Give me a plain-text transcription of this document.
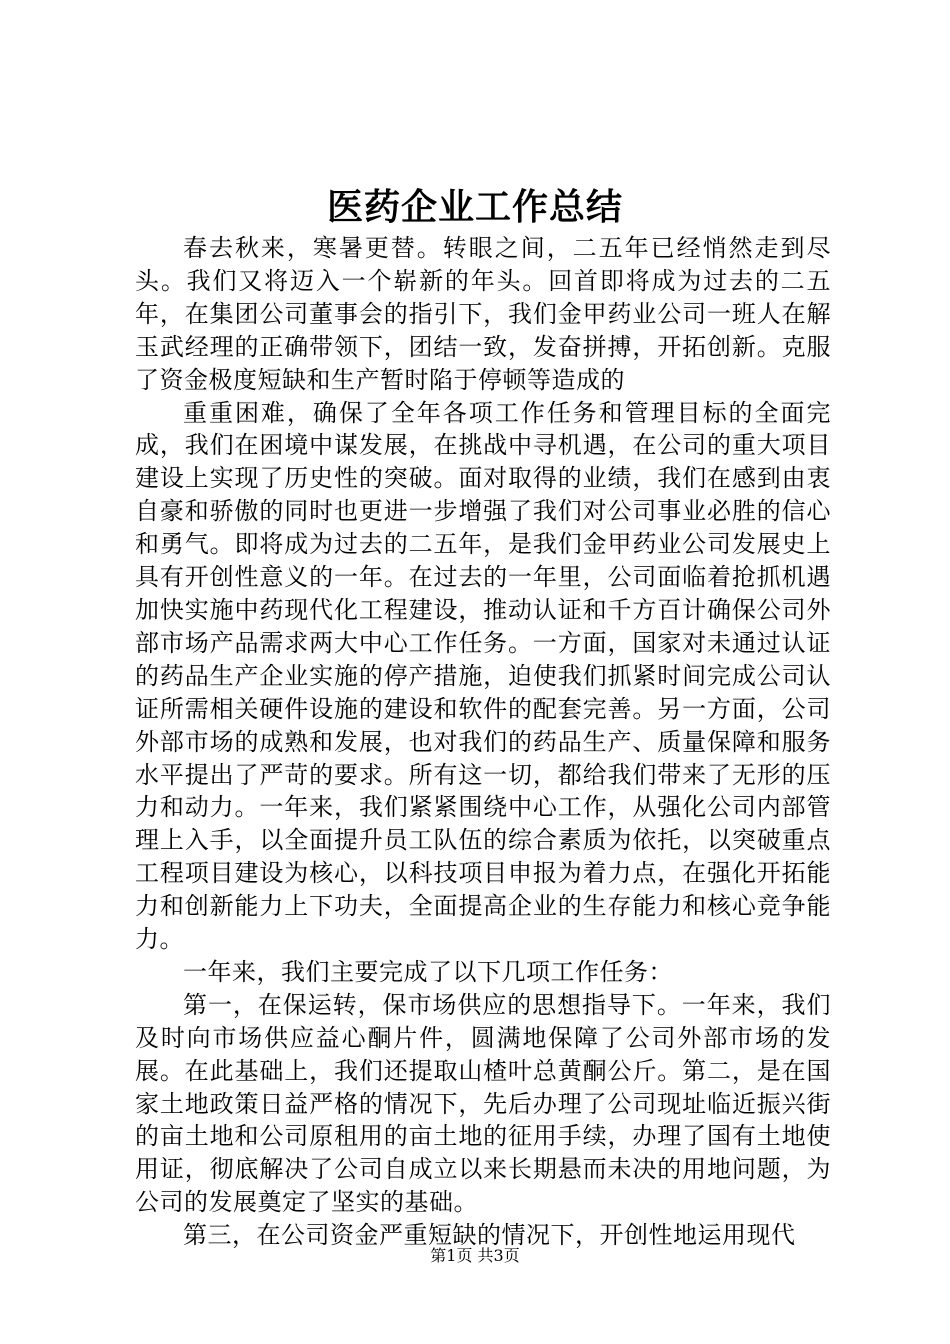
医药企业工作总结

春去秋来，寒暑更替。转眼之间，二五年已经悄然走到尽头。我们又将迈入一个崭新的年头。回首即将成为过去的二五年，在集团公司董事会的指引下，我们金甲药业公司一班人在解玉武经理的正确带领下，团结一致，发奋拼搏，开拓创新。克服了资金极度短缺和生产暂时陷于停顿等造成的

重重困难，确保了全年各项工作任务和管理目标的全面完成，我们在困境中谋发展，在挑战中寻机遇，在公司的重大项目建设上实现了历史性的突破。面对取得的业绩，我们在感到由衷自豪和骄傲的同时也更进一步增强了我们对公司事业必胜的信心和勇气。即将成为过去的二五年，是我们金甲药业公司发展史上具有开创性意义的一年。在过去的一年里，公司面临着抢抓机遇加快实施中药现代化工程建设，推动认证和千方百计确保公司外部市场产品需求两大中心工作任务。一方面，国家对未通过认证的药品生产企业实施的停产措施，迫使我们抓紧时间完成公司认证所需相关硬件设施的建设和软件的配套完善。另一方面，公司外部市场的成熟和发展，也对我们的药品生产、质量保障和服务水平提出了严苛的要求。所有这一切，都给我们带来了无形的压力和动力。一年来，我们紧紧围绕中心工作，从强化公司内部管理上入手，以全面提升员工队伍的综合素质为依托，以突破重点工程项目建设为核心，以科技项目申报为着力点，在强化开拓能力和创新能力上下功夫，全面提高企业的生存能力和核心竞争能力。

一年来，我们主要完成了以下几项工作任务：

第一，在保运转，保市场供应的思想指导下。一年来，我们及时向市场供应益心酮片件，圆满地保障了公司外部市场的发展。在此基础上，我们还提取山楂叶总黄酮公斤。第二，是在国家土地政策日益严格的情况下，先后办理了公司现址临近振兴街的亩土地和公司原租用的亩土地的征用手续，办理了国有土地使用证，彻底解决了公司自成立以来长期悬而未决的用地问题，为公司的发展奠定了坚实的基础。

第三，在公司资金严重短缺的情况下，开创性地运用现代

第1页 共3页
